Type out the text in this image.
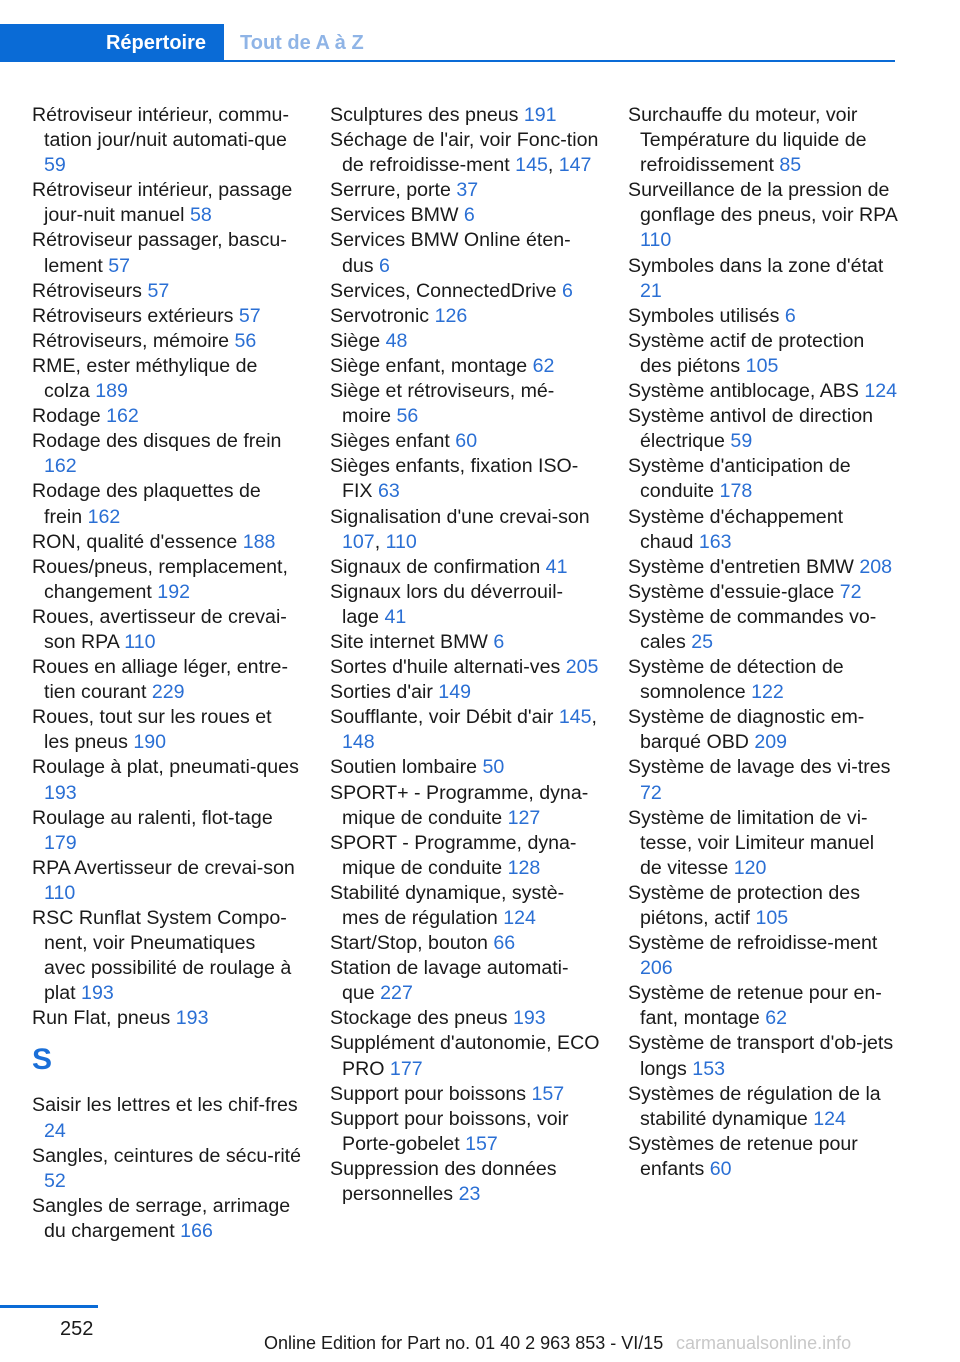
Répertoire	Tout de A à Z
Rétroviseur intérieur, commu‐tation jour/nuit automati‐que 59
Rétroviseur intérieur, passage jour-nuit manuel 58
Rétroviseur passager, bascu‐lement 57
Rétroviseurs 57
Rétroviseurs extérieurs 57
Rétroviseurs, mémoire 56
RME, ester méthylique de colza 189
Rodage 162
Rodage des disques de frein 162
Rodage des plaquettes de frein 162
RON, qualité d'essence 188
Roues/pneus, remplacement, changement 192
Roues, avertisseur de crevai‐son RPA 110
Roues en alliage léger, entre‐tien courant 229
Roues, tout sur les roues et les pneus 190
Roulage à plat, pneumati‐ques 193
Roulage au ralenti, flot‐tage 179
RPA Avertisseur de crevai‐son 110
RSC Runflat System Compo‐nent, voir Pneumatiques avec possibilité de roulage à plat 193
Run Flat, pneus 193
S
Saisir les lettres et les chif‐fres 24
Sangles, ceintures de sécu‐rité 52
Sangles de serrage, arrimage du chargement 166
Sculptures des pneus 191
Séchage de l'air, voir Fonc‐tion de refroidisse‐ment 145, 147
Serrure, porte 37
Services BMW 6
Services BMW Online éten‐dus 6
Services, ConnectedDrive 6
Servotronic 126
Siège 48
Siège enfant, montage 62
Siège et rétroviseurs, mé‐moire 56
Sièges enfant 60
Sièges enfants, fixation ISO‐FIX 63
Signalisation d'une crevai‐son 107, 110
Signaux de confirmation 41
Signaux lors du déverrouil‐lage 41
Site internet BMW 6
Sortes d'huile alternati‐ves 205
Sorties d'air 149
Soufflante, voir Débit d'air 145, 148
Soutien lombaire 50
SPORT+ - Programme, dyna‐mique de conduite 127
SPORT - Programme, dyna‐mique de conduite 128
Stabilité dynamique, systè‐mes de régulation 124
Start/Stop, bouton 66
Station de lavage automati‐que 227
Stockage des pneus 193
Supplément d'autonomie, ECO PRO 177
Support pour boissons 157
Support pour boissons, voir Porte-gobelet 157
Suppression des données personnelles 23
Surchauffe du moteur, voir Température du liquide de refroidissement 85
Surveillance de la pression de gonflage des pneus, voir RPA 110
Symboles dans la zone d'état 21
Symboles utilisés 6
Système actif de protection des piétons 105
Système antiblocage, ABS 124
Système antivol de direction électrique 59
Système d'anticipation de conduite 178
Système d'échappement chaud 163
Système d'entretien BMW 208
Système d'essuie-glace 72
Système de commandes vo‐cales 25
Système de détection de somnolence 122
Système de diagnostic em‐barqué OBD 209
Système de lavage des vi‐tres 72
Système de limitation de vi‐tesse, voir Limiteur manuel de vitesse 120
Système de protection des piétons, actif 105
Système de refroidisse‐ment 206
Système de retenue pour en‐fant, montage 62
Système de transport d'ob‐jets longs 153
Systèmes de régulation de la stabilité dynamique 124
Systèmes de retenue pour enfants 60
252
Online Edition for Part no. 01 40 2 963 853 - VI/15 carmanualsonline.info
